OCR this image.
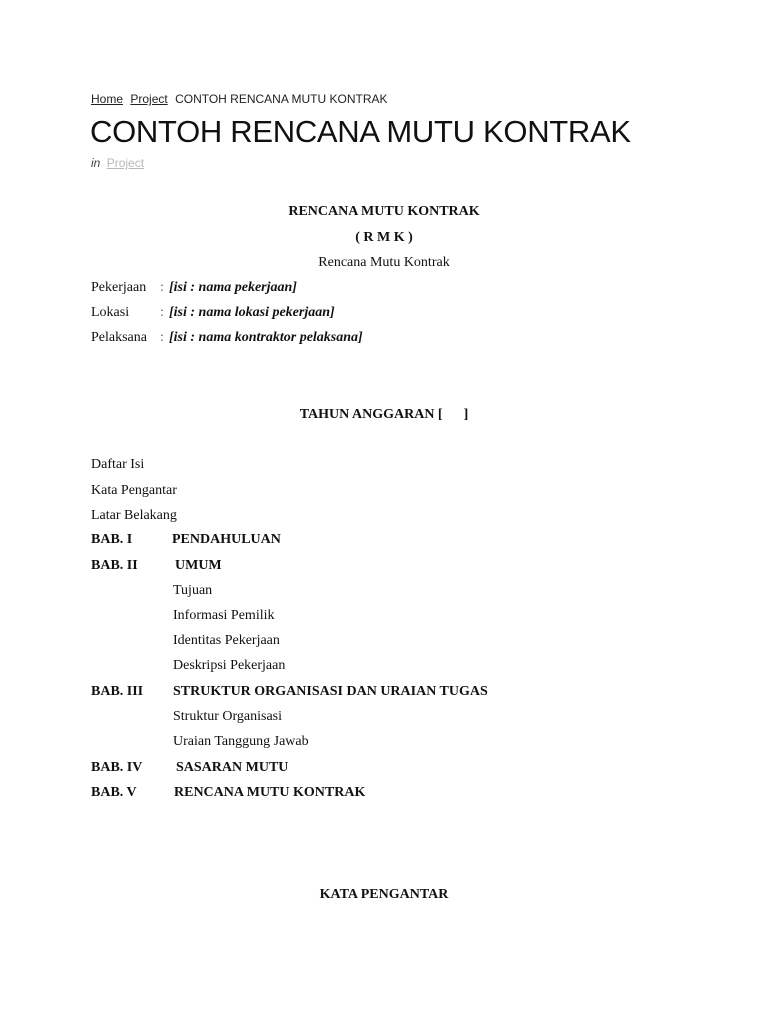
Home Project CONTOH RENCANA MUTU KONTRAK
CONTOH RENCANA MUTU KONTRAK
in Project
RENCANA MUTU KONTRAK
( R M K )
Rencana Mutu Kontrak
Pekerjaan : [isi : nama pekerjaan]
Lokasi : [isi : nama lokasi pekerjaan]
Pelaksana : [isi : nama kontraktor pelaksana]
TAHUN ANGGARAN [      ]
Daftar Isi
Kata Pengantar
Latar Belakang
BAB. I	PENDAHULUAN
BAB. II	UMUM
Tujuan
Informasi Pemilik
Identitas Pekerjaan
Deskripsi Pekerjaan
BAB. III STRUKTUR ORGANISASI DAN URAIAN TUGAS
Struktur Organisasi
Uraian Tanggung Jawab
BAB. IV SASARAN MUTU
BAB. V	RENCANA MUTU KONTRAK
KATA PENGANTAR
